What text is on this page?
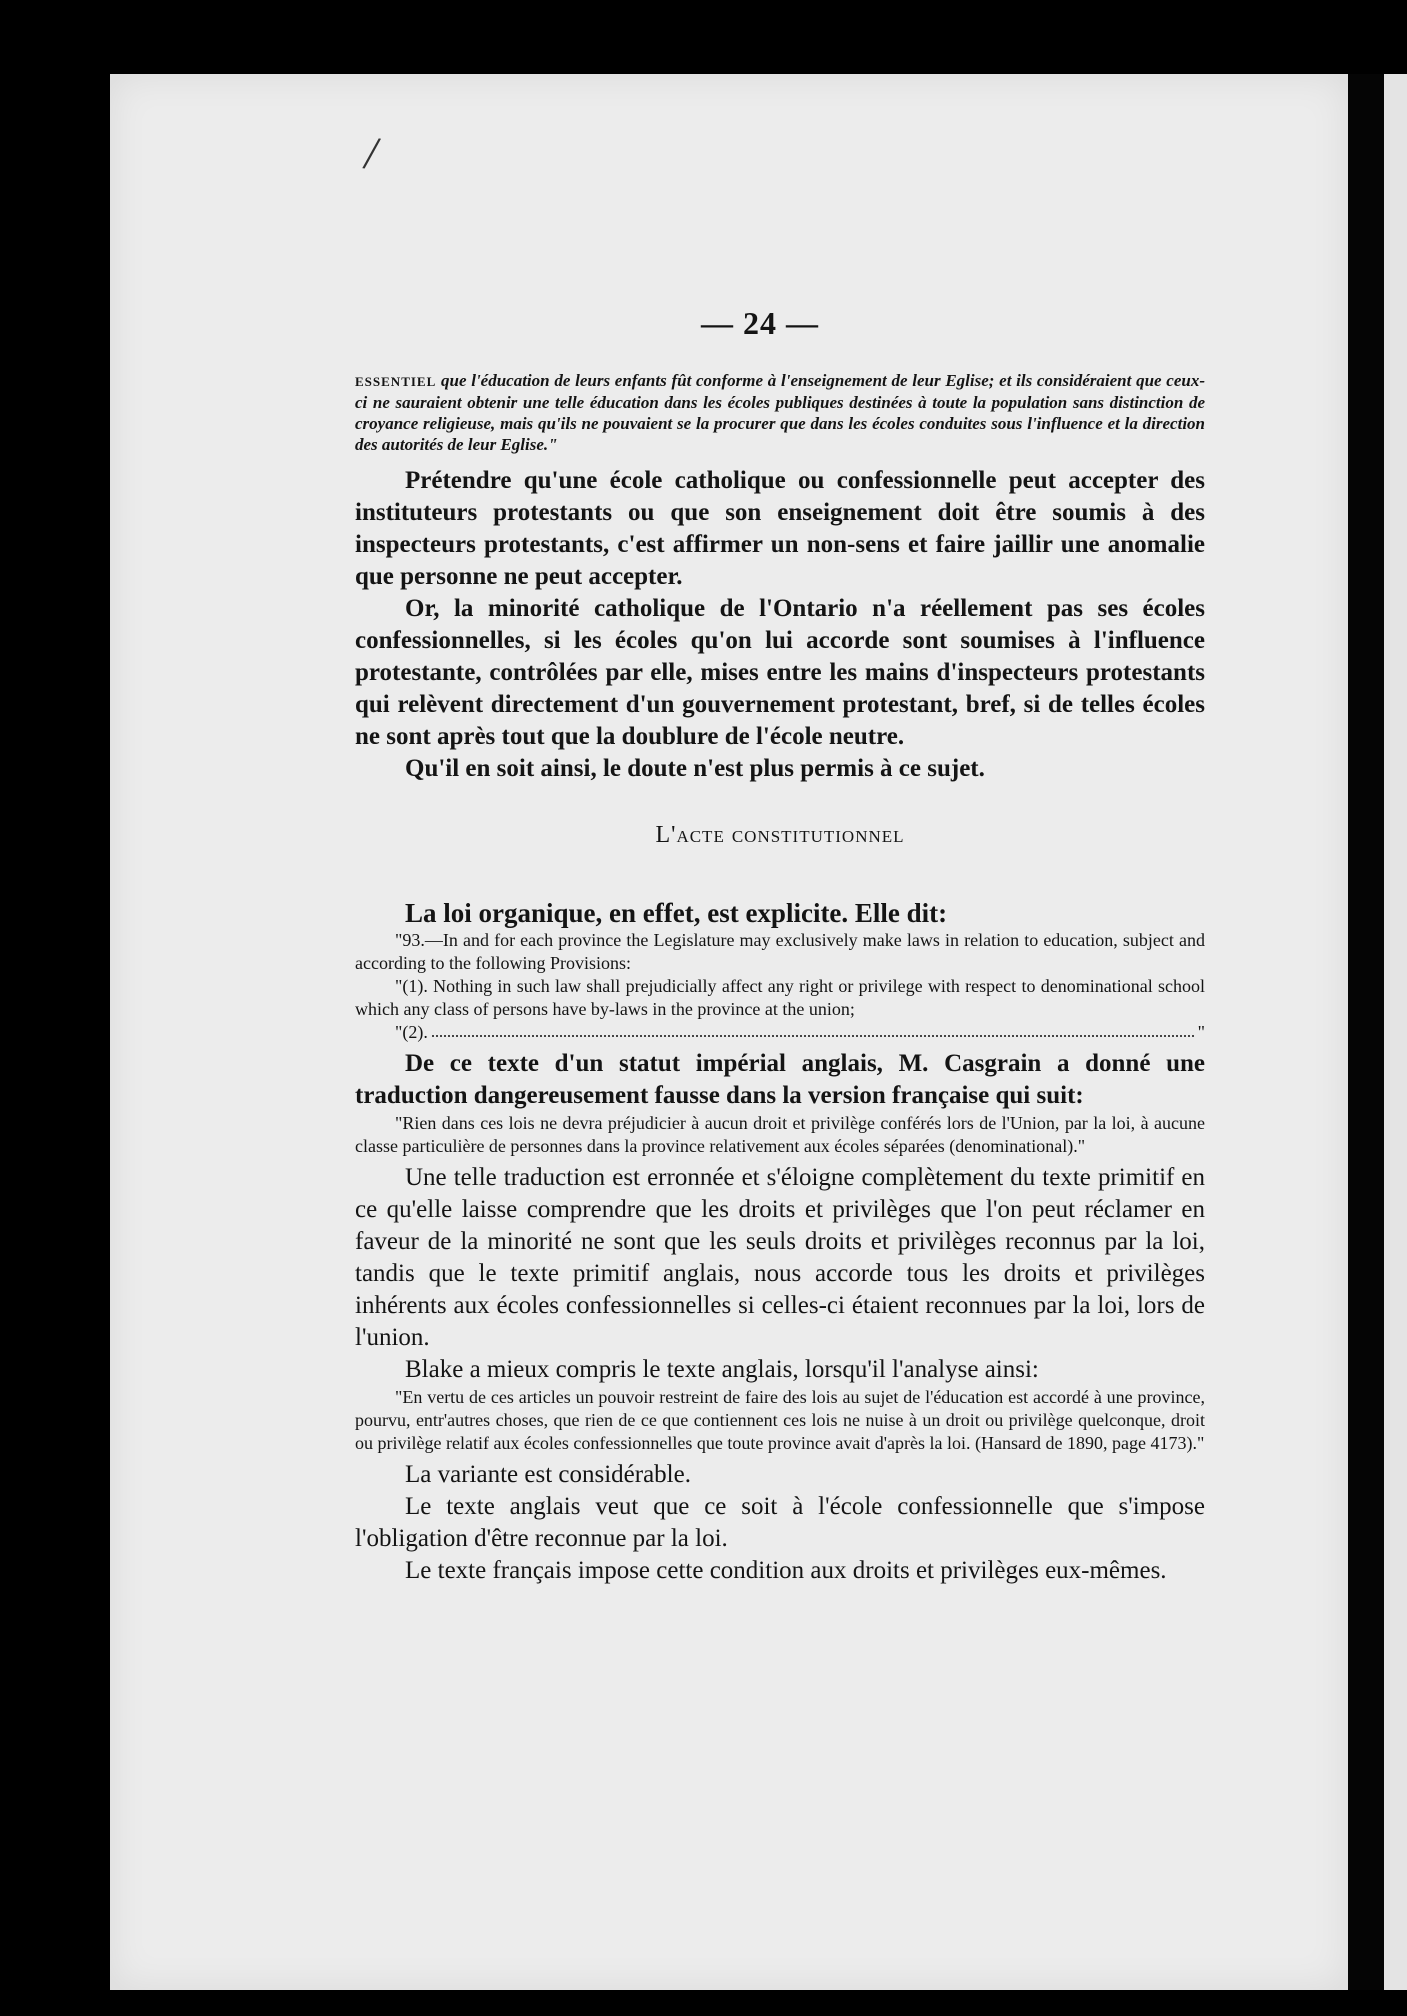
/
— 24 —

ESSENTIEL que l'éducation de leurs enfants fût conforme à l'enseignement de leur Eglise; et ils considéraient que ceux-ci ne sauraient obtenir une telle éducation dans les écoles publiques destinées à toute la population sans distinction de croyance religieuse, mais qu'ils ne pouvaient se la procurer que dans les écoles conduites sous l'influence et la direction des autorités de leur Eglise."

Prétendre qu'une école catholique ou confessionnelle peut accepter des instituteurs protestants ou que son enseignement doit être soumis à des inspecteurs protestants, c'est affirmer un non-sens et faire jaillir une anomalie que personne ne peut accepter.

Or, la minorité catholique de l'Ontario n'a réellement pas ses écoles confessionnelles, si les écoles qu'on lui accorde sont soumises à l'influence protestante, contrôlées par elle, mises entre les mains d'inspecteurs protestants qui relèvent directement d'un gouvernement protestant, bref, si de telles écoles ne sont après tout que la doublure de l'école neutre.

Qu'il en soit ainsi, le doute n'est plus permis à ce sujet.

L'acte constitutionnel

La loi organique, en effet, est explicite. Elle dit:

"93.—In and for each province the Legislature may exclusively make laws in relation to education, subject and according to the following Provisions:

"(1). Nothing in such law shall prejudicially affect any right or privilege with respect to denominational school which any class of persons have by-laws in the province at the union;

"(2).	"

De ce texte d'un statut impérial anglais, M. Casgrain a donné une traduction dangereusement fausse dans la version française qui suit:

"Rien dans ces lois ne devra préjudicier à aucun droit et privilège conférés lors de l'Union, par la loi, à aucune classe particulière de personnes dans la province relativement aux écoles séparées (denominational)."

Une telle traduction est erronnée et s'éloigne complètement du texte primitif en ce qu'elle laisse comprendre que les droits et privilèges que l'on peut réclamer en faveur de la minorité ne sont que les seuls droits et privilèges reconnus par la loi, tandis que le texte primitif anglais, nous accorde tous les droits et privilèges inhérents aux écoles confessionnelles si celles-ci étaient reconnues par la loi, lors de l'union.

Blake a mieux compris le texte anglais, lorsqu'il l'analyse ainsi:

"En vertu de ces articles un pouvoir restreint de faire des lois au sujet de l'éducation est accordé à une province, pourvu, entr'autres choses, que rien de ce que contiennent ces lois ne nuise à un droit ou privilège quelconque, droit ou privilège relatif aux écoles confessionnelles que toute province avait d'après la loi. (Hansard de 1890, page 4173)."

La variante est considérable.

Le texte anglais veut que ce soit à l'école confessionnelle que s'impose l'obligation d'être reconnue par la loi.

Le texte français impose cette condition aux droits et privilèges eux-mêmes.
